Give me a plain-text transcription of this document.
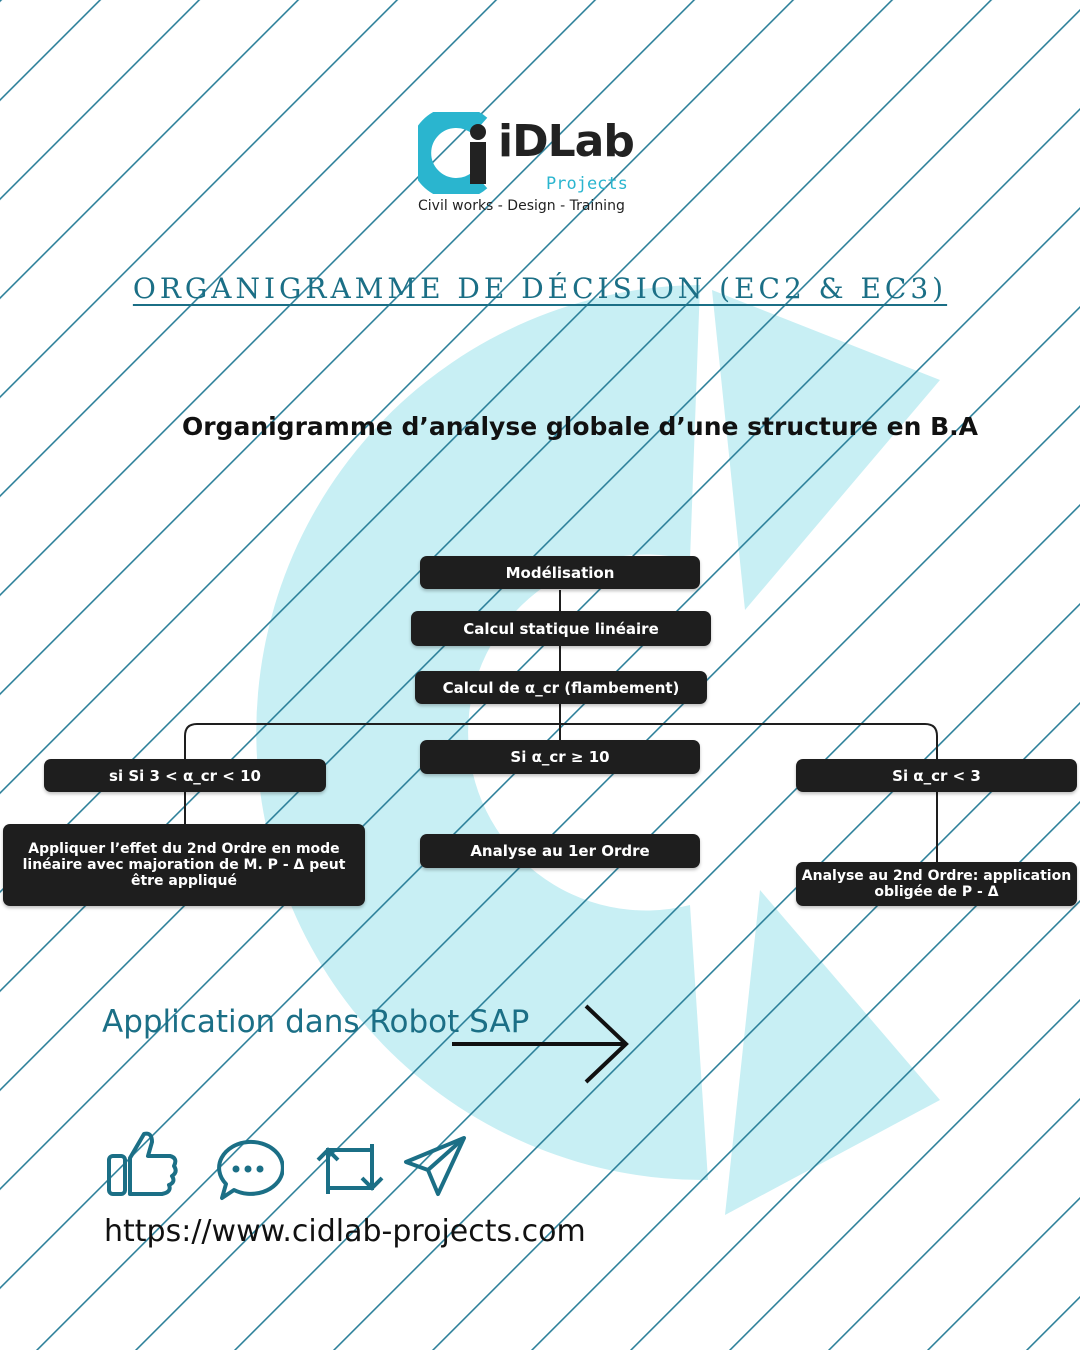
iDLab
Projects
Civil works - Design - Training
ORGANIGRAMME DE DÉCISION (EC2 & EC3)
Organigramme d’analyse globale d’une structure en B.A
Modélisation
Calcul statique linéaire
Calcul de α_cr (flambement)
si Si 3 < α_cr < 10
Si α_cr ≥ 10
Si α_cr < 3
Appliquer l’effet du 2nd Ordre en mode linéaire avec majoration de M. P - Δ peut être appliqué
Analyse au 1er Ordre
Analyse au 2nd Ordre: application obligée de P - Δ
Application dans Robot SAP
https://www.cidlab-projects.com
